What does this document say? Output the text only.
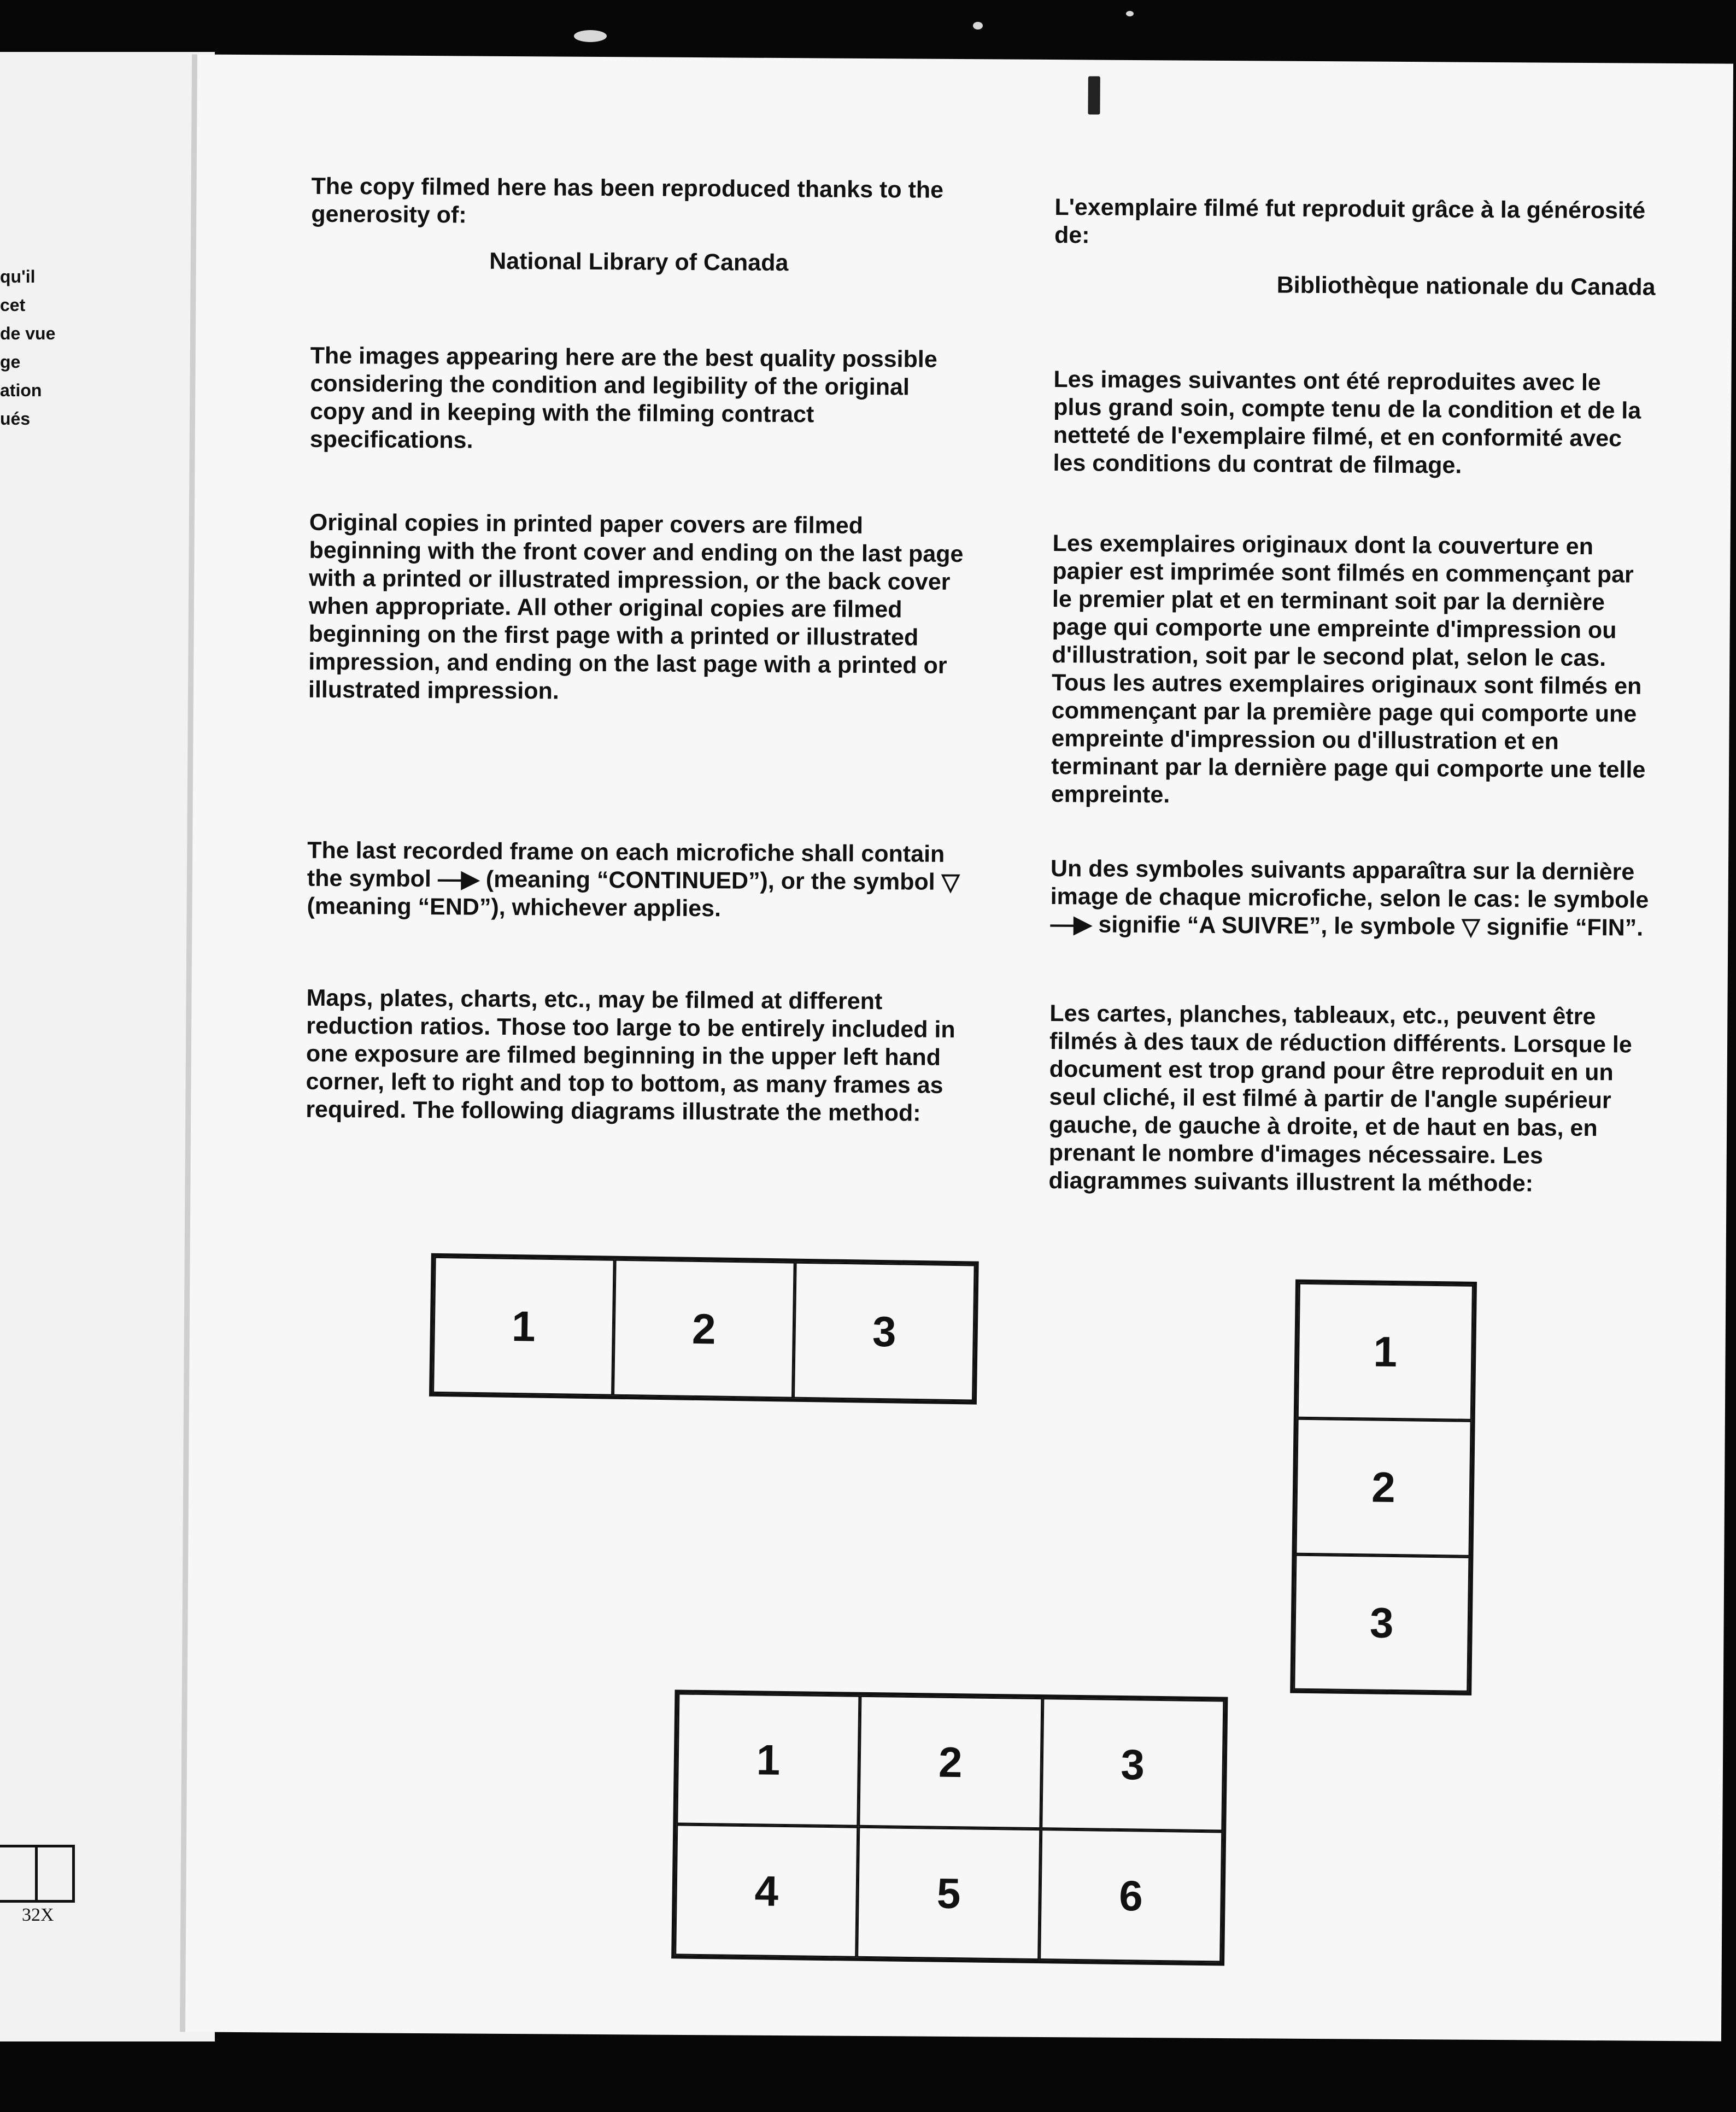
qu'il
cet
de vue
ge
ation
ués
32X

The copy filmed here has been reproduced thanks to the generosity of:

National Library of Canada

The images appearing here are the best quality possible considering the condition and legibility of the original copy and in keeping with the filming contract specifications.

Original copies in printed paper covers are filmed beginning with the front cover and ending on the last page with a printed or illustrated impression, or the back cover when appropriate. All other original copies are filmed beginning on the first page with a printed or illustrated impression, and ending on the last page with a printed or illustrated impression.

The last recorded frame on each microfiche shall contain the symbol —▶ (meaning “CONTINUED”), or the symbol ▽ (meaning “END”), whichever applies.

Maps, plates, charts, etc., may be filmed at different reduction ratios. Those too large to be entirely included in one exposure are filmed beginning in the upper left hand corner, left to right and top to bottom, as many frames as required. The following diagrams illustrate the method:

L'exemplaire filmé fut reproduit grâce à la générosité de:

Bibliothèque nationale du Canada

Les images suivantes ont été reproduites avec le plus grand soin, compte tenu de la condition et de la netteté de l'exemplaire filmé, et en conformité avec les conditions du contrat de filmage.

Les exemplaires originaux dont la couverture en papier est imprimée sont filmés en commençant par le premier plat et en terminant soit par la dernière page qui comporte une empreinte d'impression ou d'illustration, soit par le second plat, selon le cas. Tous les autres exemplaires originaux sont filmés en commençant par la première page qui comporte une empreinte d'impression ou d'illustration et en terminant par la dernière page qui comporte une telle empreinte.

Un des symboles suivants apparaîtra sur la dernière image de chaque microfiche, selon le cas: le symbole —▶ signifie “A SUIVRE”, le symbole ▽ signifie “FIN”.

Les cartes, planches, tableaux, etc., peuvent être filmés à des taux de réduction différents. Lorsque le document est trop grand pour être reproduit en un seul cliché, il est filmé à partir de l'angle supérieur gauche, de gauche à droite, et de haut en bas, en prenant le nombre d'images nécessaire. Les diagrammes suivants illustrent la méthode:

1	2	3	1
2
3
1	2	3
4	5	6
